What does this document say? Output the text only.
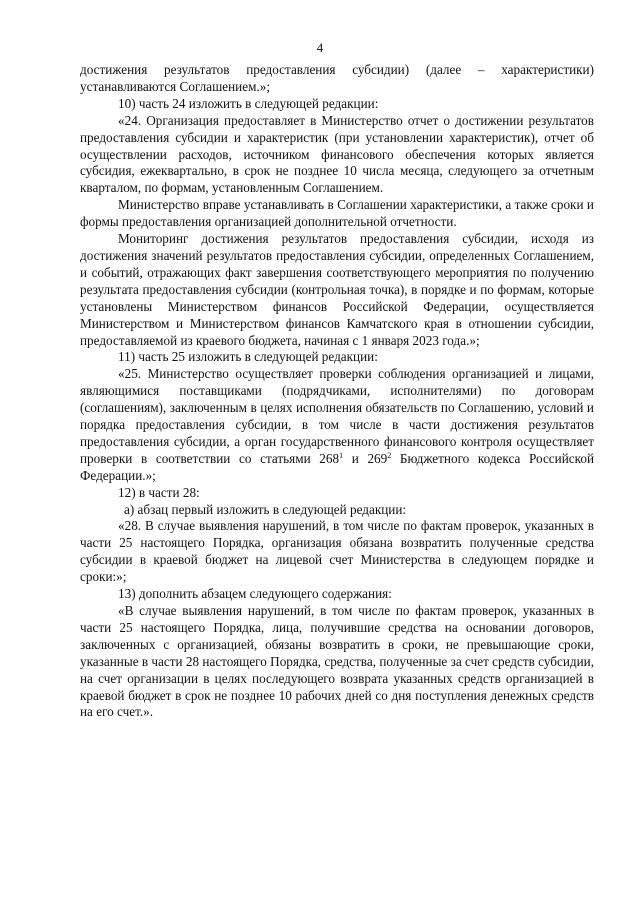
4

достижения результатов предоставления субсидии) (далее – характеристики) устанавливаются Соглашением.»;

10) часть 24 изложить в следующей редакции:

«24. Организация предоставляет в Министерство отчет о достижении результатов предоставления субсидии и характеристик (при установлении характеристик), отчет об осуществлении расходов, источником финансового обеспечения которых является субсидия, ежеквартально, в срок не позднее 10 числа месяца, следующего за отчетным кварталом, по формам, установленным Соглашением.

Министерство вправе устанавливать в Соглашении характеристики, а также сроки и формы предоставления организацией дополнительной отчетности.

Мониторинг достижения результатов предоставления субсидии, исходя из достижения значений результатов предоставления субсидии, определенных Соглашением, и событий, отражающих факт завершения соответствующего мероприятия по получению результата предоставления субсидии (контрольная точка), в порядке и по формам, которые установлены Министерством финансов Российской Федерации, осуществляется Министерством и Министерством финансов Камчатского края в отношении субсидии, предоставляемой из краевого бюджета, начиная с 1 января 2023 года.»;

11) часть 25 изложить в следующей редакции:

«25. Министерство осуществляет проверки соблюдения организацией и лицами, являющимися поставщиками (подрядчиками, исполнителями) по договорам (соглашениям), заключенным в целях исполнения обязательств по Соглашению, условий и порядка предоставления субсидии, в том числе в части достижения результатов предоставления субсидии, а орган государственного финансового контроля осуществляет проверки в соответствии со статьями $268^1$ и $269^2$ Бюджетного кодекса Российской Федерации.»;

12) в части 28:

а) абзац первый изложить в следующей редакции:

«28. В случае выявления нарушений, в том числе по фактам проверок, указанных в части 25 настоящего Порядка, организация обязана возвратить полученные средства субсидии в краевой бюджет на лицевой счет Министерства в следующем порядке и сроки:»;

13) дополнить абзацем следующего содержания:

«В случае выявления нарушений, в том числе по фактам проверок, указанных в части 25 настоящего Порядка, лица, получившие средства на основании договоров, заключенных с организацией, обязаны возвратить в сроки, не превышающие сроки, указанные в части 28 настоящего Порядка, средства, полученные за счет средств субсидии, на счет организации в целях последующего возврата указанных средств организацией в краевой бюджет в срок не позднее 10 рабочих дней со дня поступления денежных средств на его счет.».
